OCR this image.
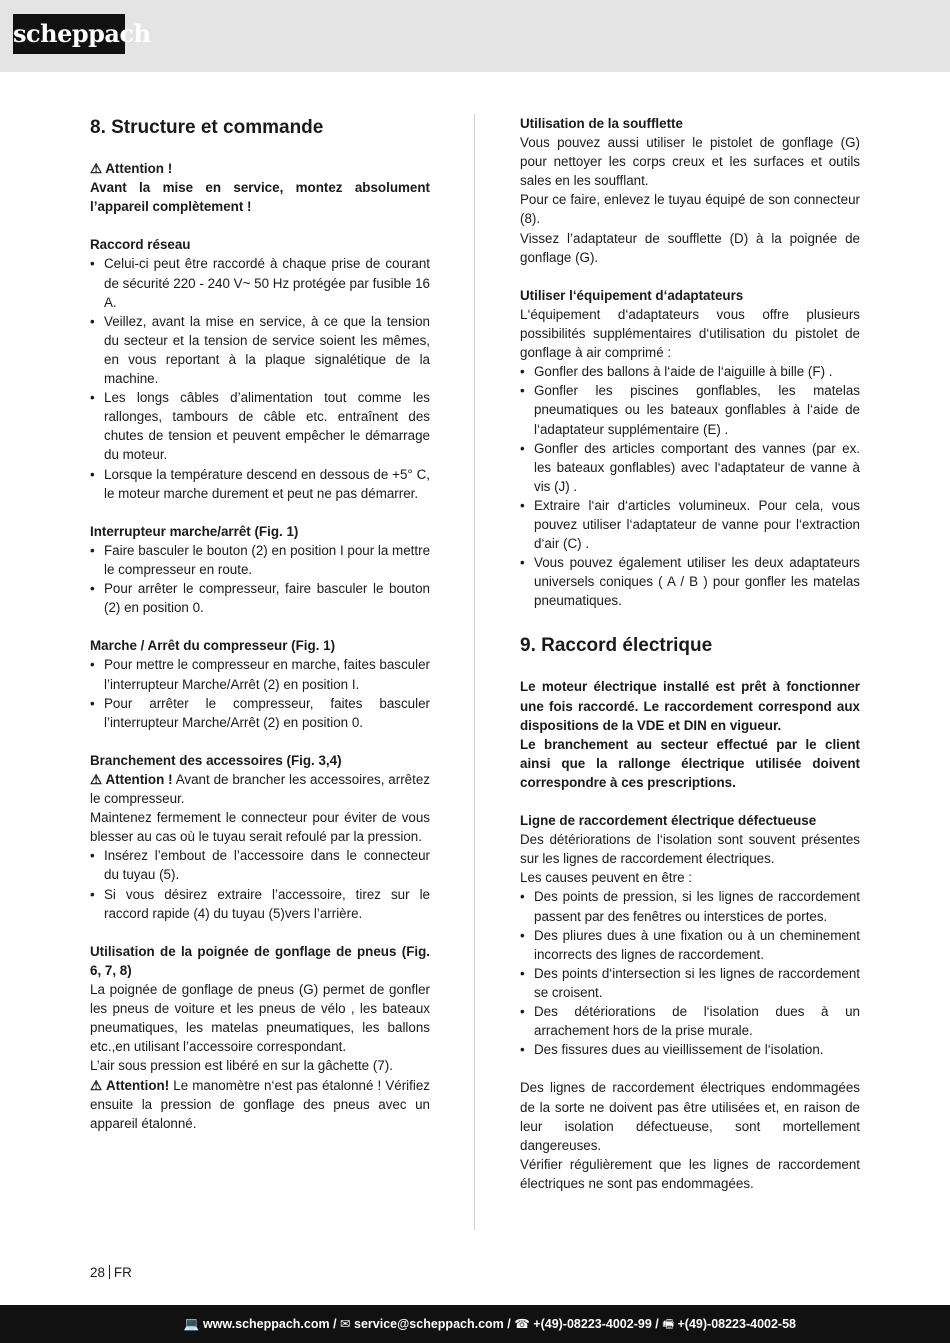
scheppach
8. Structure et commande

⚠ Attention !

Avant la mise en service, montez absolument l’appareil complètement !

Raccord réseau

• Celui-ci peut être raccordé à chaque prise de courant de sécurité 220 - 240 V~ 50 Hz protégée par fusible 16 A.
• Veillez, avant la mise en service, à ce que la tension du secteur et la tension de service soient les mêmes, en vous reportant à la plaque signalétique de la machine.
• Les longs câbles d’alimentation tout comme les rallonges, tambours de câble etc. entraînent des chutes de tension et peuvent empêcher le démarrage du moteur.
• Lorsque la température descend en dessous de +5° C, le moteur marche durement et peut ne pas démarrer.

Interrupteur marche/arrêt (Fig. 1)

• Faire basculer le bouton (2) en position I pour la mettre le compresseur en route.
• Pour arrêter le compresseur, faire basculer le bouton (2) en position 0.

Marche / Arrêt du compresseur (Fig. 1)

• Pour mettre le compresseur en marche, faites basculer l’interrupteur Marche/Arrêt (2) en position I.
• Pour arrêter le compresseur, faites basculer l’interrupteur Marche/Arrêt (2) en position 0.

Branchement des accessoires (Fig. 3,4)

⚠ Attention ! Avant de brancher les accessoires, arrêtez le compresseur.

Maintenez fermement le connecteur pour éviter de vous blesser au cas où le tuyau serait refoulé par la pression.

• Insérez l’embout de l’accessoire dans le connecteur du tuyau (5).
• Si vous désirez extraire l’accessoire, tirez sur le raccord rapide (4) du tuyau (5)vers l’arrière.

Utilisation de la poignée de gonflage de pneus (Fig. 6, 7, 8)

La poignée de gonflage de pneus (G) permet de gonfler les pneus de voiture et les pneus de vélo , les bateaux pneumatiques, les matelas pneumatiques, les ballons etc.,en utilisant l’accessoire correspondant.

L’air sous pression est libéré en sur la gâchette (7).

⚠ Attention! Le manomètre n‘est pas étalonné ! Vérifiez ensuite la pression de gonflage des pneus avec un appareil étalonné.

Utilisation de la soufflette

Vous pouvez aussi utiliser le pistolet de gonflage (G) pour nettoyer les corps creux et les surfaces et outils sales en les soufflant.

Pour ce faire, enlevez le tuyau équipé de son connecteur (8).

Vissez l’adaptateur de soufflette (D) à la poignée de gonflage (G).

Utiliser l‘équipement d‘adaptateurs

L‘équipement d‘adaptateurs vous offre plusieurs possibilités supplémentaires d‘utilisation du pistolet de gonflage à air comprimé :

• Gonfler des ballons à l‘aide de l‘aiguille à bille (F) .
• Gonfler les piscines gonflables, les matelas pneumatiques ou les bateaux gonflables à l‘aide de l‘adaptateur supplémentaire (E) .
• Gonfler des articles comportant des vannes (par ex. les bateaux gonflables) avec l‘adaptateur de vanne à vis (J) .
• Extraire l‘air d‘articles volumineux. Pour cela, vous pouvez utiliser l‘adaptateur de vanne pour l‘extraction d‘air (C) .
• Vous pouvez également utiliser les deux adaptateurs universels coniques ( A / B ) pour gonfler les matelas pneumatiques.
9. Raccord électrique

Le moteur électrique installé est prêt à fonctionner une fois raccordé. Le raccordement correspond aux dispositions de la VDE et DIN en vigueur.

Le branchement au secteur effectué par le client ainsi que la rallonge électrique utilisée doivent correspondre à ces prescriptions.

Ligne de raccordement électrique défectueuse

Des détériorations de l‘isolation sont souvent présentes sur les lignes de raccordement électriques.

Les causes peuvent en être :

• Des points de pression, si les lignes de raccordement passent par des fenêtres ou interstices de portes.
• Des pliures dues à une fixation ou à un cheminement incorrects des lignes de raccordement.
• Des points d‘intersection si les lignes de raccordement se croisent.
• Des détériorations de l‘isolation dues à un arrachement hors de la prise murale.
• Des fissures dues au vieillissement de l‘isolation.

Des lignes de raccordement électriques endommagées de la sorte ne doivent pas être utilisées et, en raison de leur isolation défectueuse, sont mortellement dangereuses.

Vérifier régulièrement que les lignes de raccordement électriques ne sont pas endommagées.

28 FR
💻 www.scheppach.com / ✉ service@scheppach.com / ☎ +(49)-08223-4002-99 / 🖷 +(49)-08223-4002-58
